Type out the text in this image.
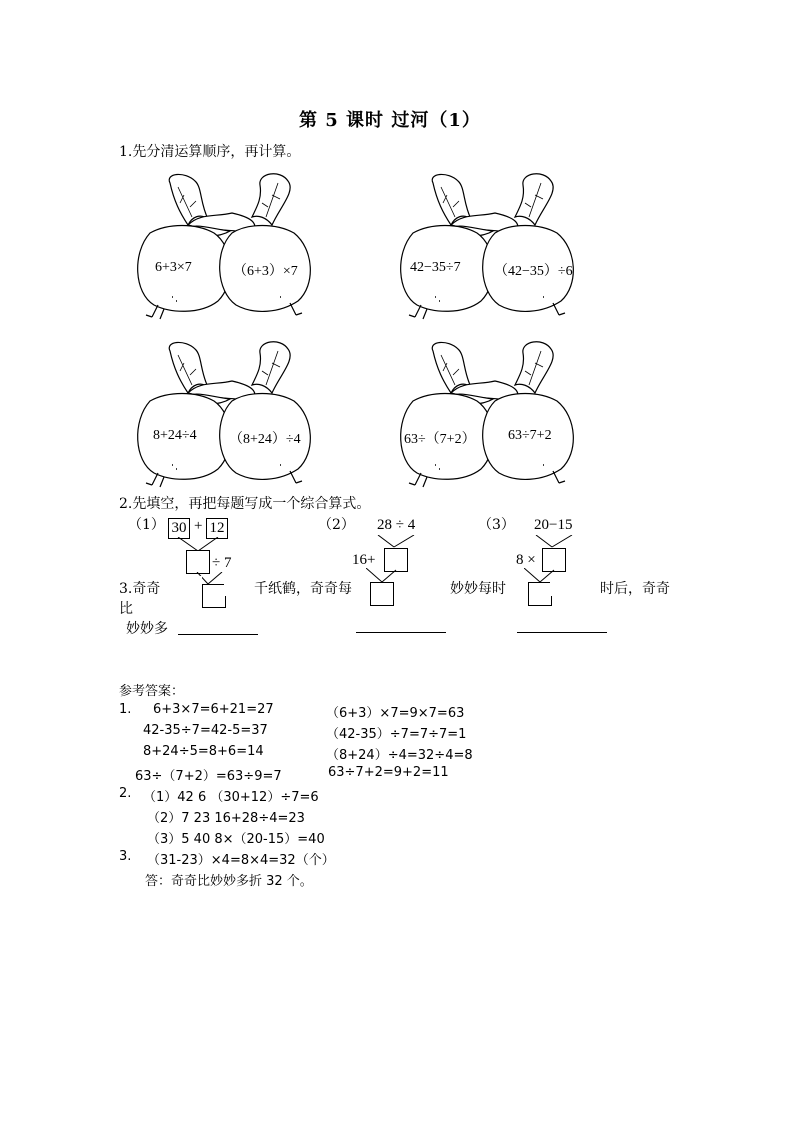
第 5 课时 过河（1）
1.先分清运算顺序，再计算。
6+3×7	（6+3）×7	42−35÷7 （42−35）÷6
8+24÷4 （8+24）÷4	63÷（7+2） 63÷7+2
2.先填空，再把每题写成一个综合算式。
（1） 30 + 12
÷ 7
（2） 28 ÷ 4
16+
（3） 20−15
8 ×
3.奇奇	千纸鹤，奇奇每	妙妙每时	时后，奇奇
比
妙妙多
参考答案：
1. 6+3×7=6+21=27	（6+3）×7=9×7=63
42-35÷7=42-5=37	（42-35）÷7=7÷7=1
8+24÷5=8+6=14	（8+24）÷4=32÷4=8
63÷（7+2）=63÷9=7	63÷7+2=9+2=11
2. （1）42 6 （30+12）÷7=6
（2）7 23 16+28÷4=23
（3）5 40 8×（20-15）=40
3. （31-23）×4=8×4=32（个）
答：奇奇比妙妙多折 32 个。
